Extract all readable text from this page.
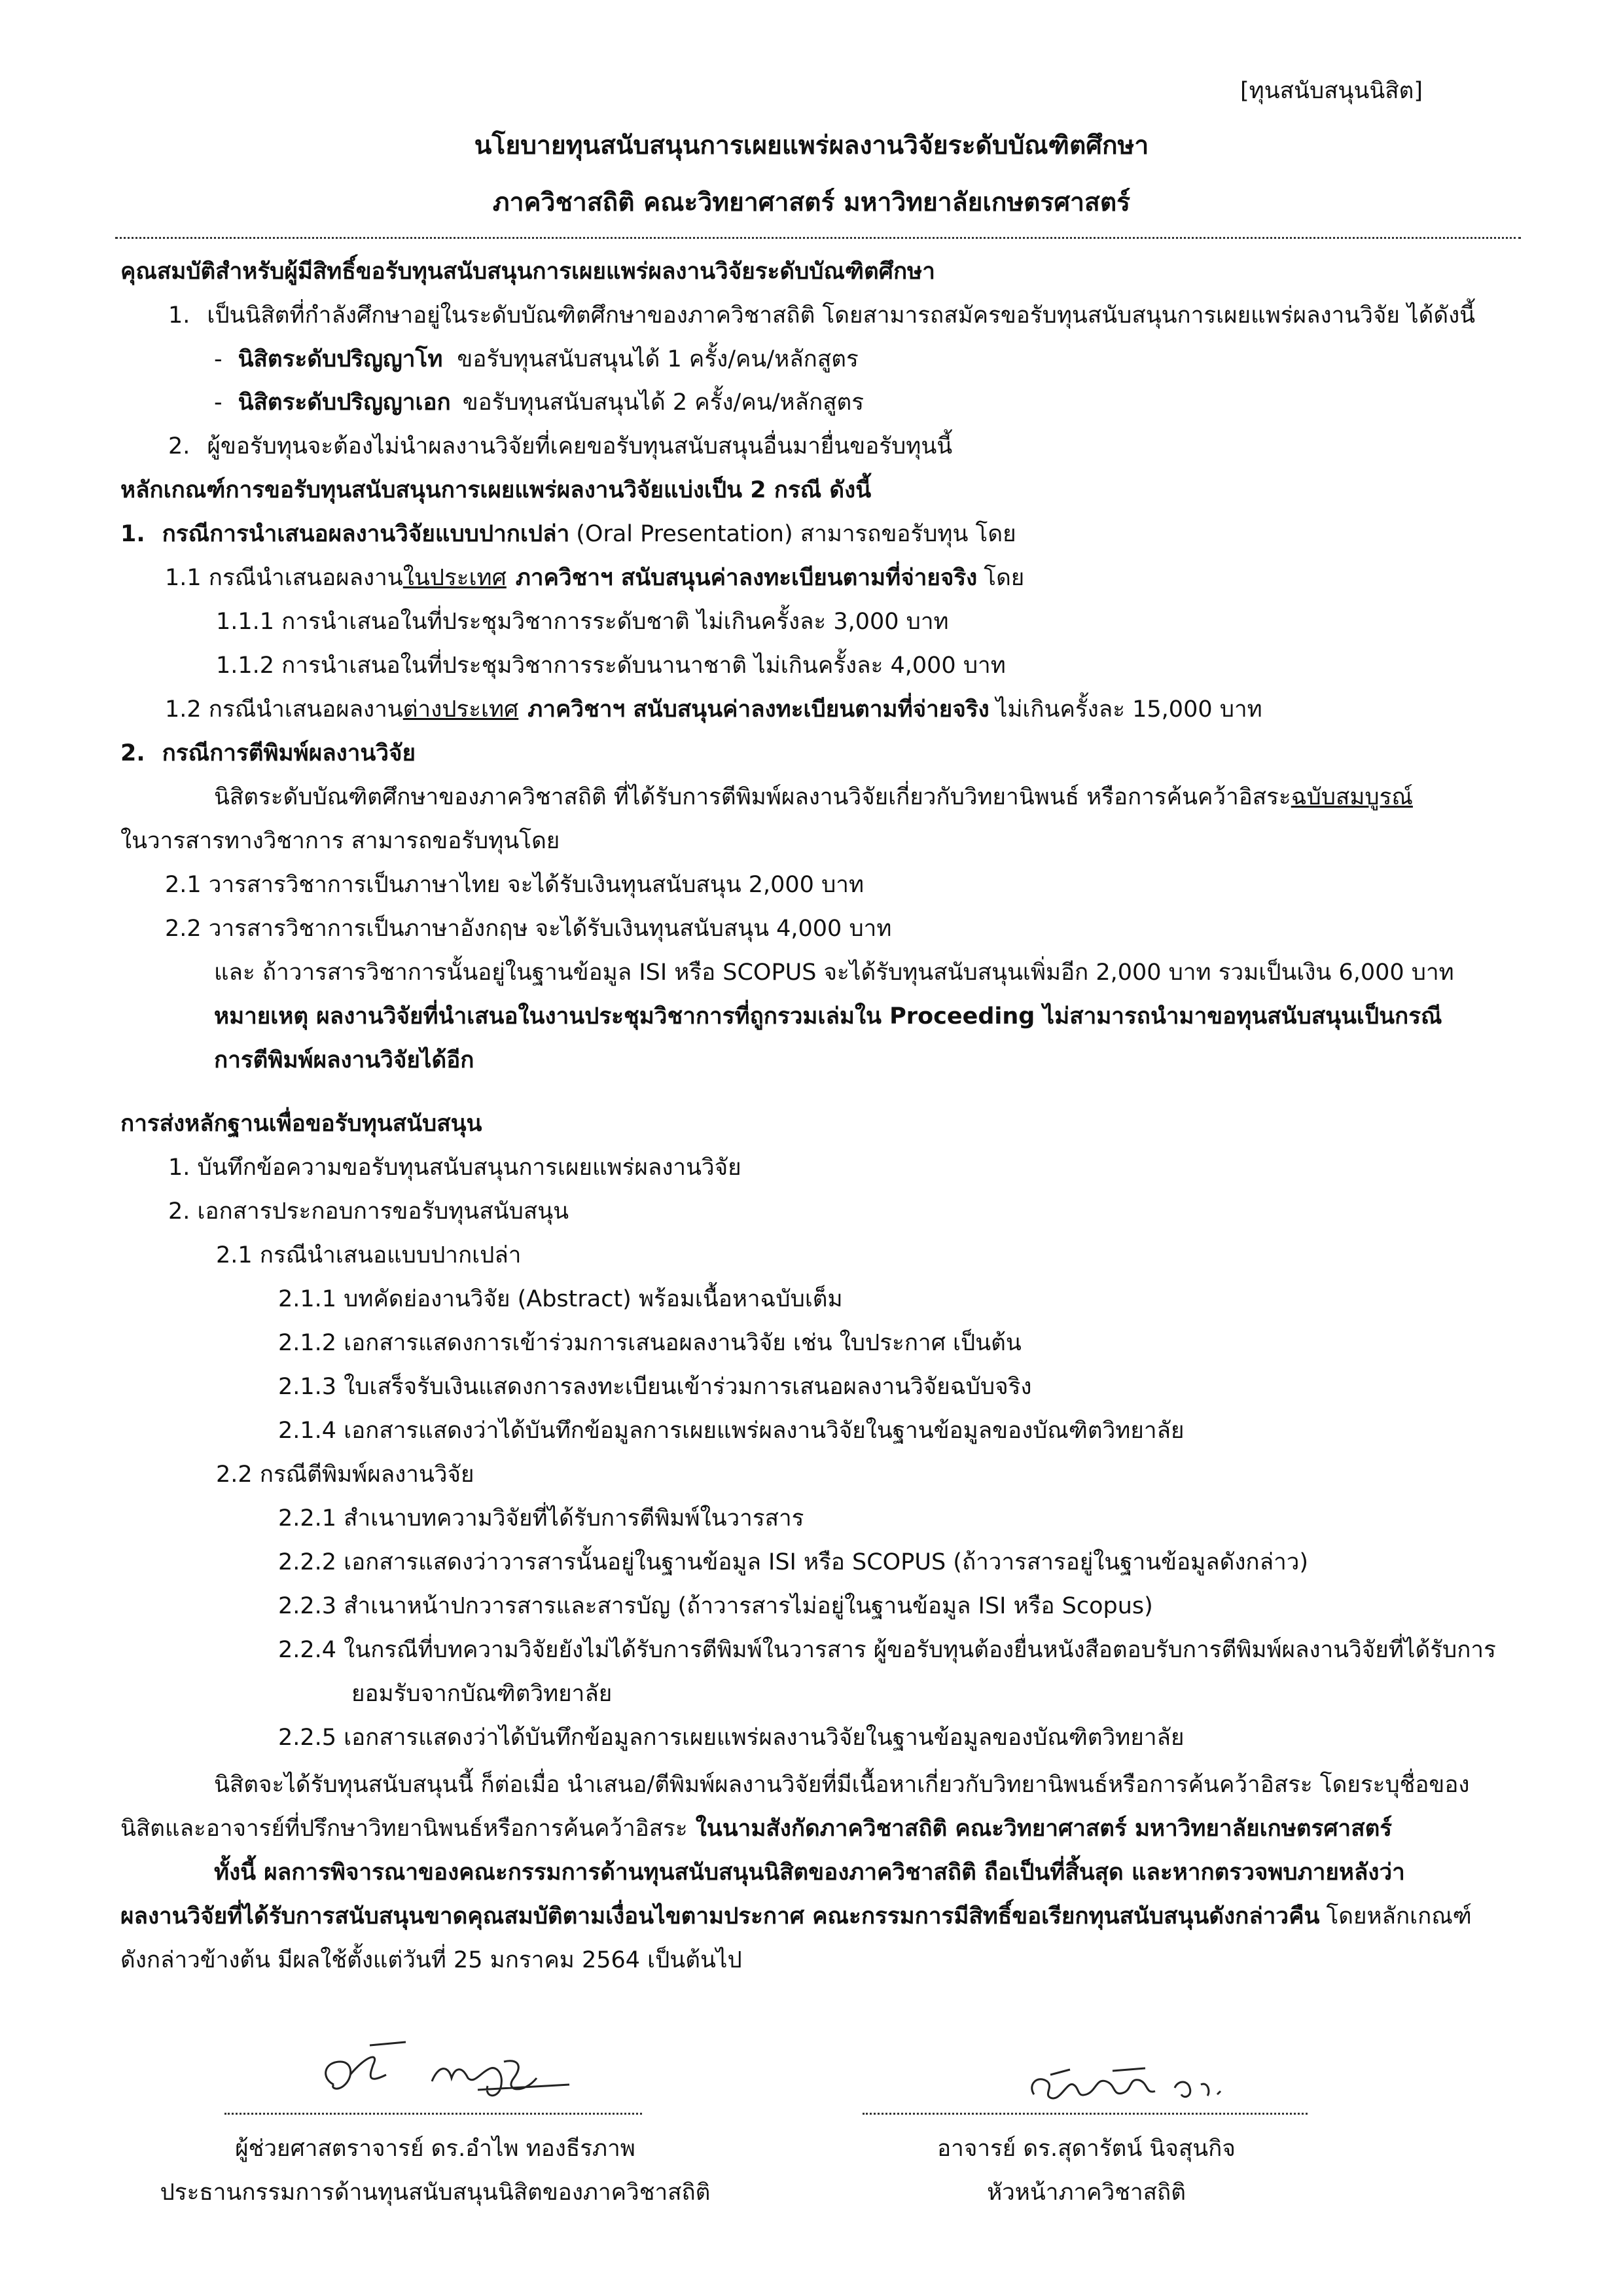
[ทุนสนับสนุนนิสิต]
นโยบายทุนสนับสนุนการเผยแพร่ผลงานวิจัยระดับบัณฑิตศึกษา
ภาควิชาสถิติ คณะวิทยาศาสตร์ มหาวิทยาลัยเกษตรศาสตร์
คุณสมบัติสำหรับผู้มีสิทธิ์ขอรับทุนสนับสนุนการเผยแพร่ผลงานวิจัยระดับบัณฑิตศึกษา
1. เป็นนิสิตที่กำลังศึกษาอยู่ในระดับบัณฑิตศึกษาของภาควิชาสถิติ โดยสามารถสมัครขอรับทุนสนับสนุนการเผยแพร่ผลงานวิจัย ได้ดังนี้
- นิสิตระดับปริญญาโท ขอรับทุนสนับสนุนได้ 1 ครั้ง/คน/หลักสูตร
- นิสิตระดับปริญญาเอก ขอรับทุนสนับสนุนได้ 2 ครั้ง/คน/หลักสูตร
2. ผู้ขอรับทุนจะต้องไม่นำผลงานวิจัยที่เคยขอรับทุนสนับสนุนอื่นมายื่นขอรับทุนนี้
หลักเกณฑ์การขอรับทุนสนับสนุนการเผยแพร่ผลงานวิจัยแบ่งเป็น 2 กรณี ดังนี้
1. กรณีการนำเสนอผลงานวิจัยแบบปากเปล่า (Oral Presentation) สามารถขอรับทุน โดย
1.1 กรณีนำเสนอผลงานในประเทศ ภาควิชาฯ สนับสนุนค่าลงทะเบียนตามที่จ่ายจริง โดย
1.1.1 การนำเสนอในที่ประชุมวิชาการระดับชาติ ไม่เกินครั้งละ 3,000 บาท
1.1.2 การนำเสนอในที่ประชุมวิชาการระดับนานาชาติ ไม่เกินครั้งละ 4,000 บาท
1.2 กรณีนำเสนอผลงานต่างประเทศ ภาควิชาฯ สนับสนุนค่าลงทะเบียนตามที่จ่ายจริง ไม่เกินครั้งละ 15,000 บาท
2. กรณีการตีพิมพ์ผลงานวิจัย
นิสิตระดับบัณฑิตศึกษาของภาควิชาสถิติ ที่ได้รับการตีพิมพ์ผลงานวิจัยเกี่ยวกับวิทยานิพนธ์ หรือการค้นคว้าอิสระฉบับสมบูรณ์
ในวารสารทางวิชาการ สามารถขอรับทุนโดย
2.1 วารสารวิชาการเป็นภาษาไทย จะได้รับเงินทุนสนับสนุน 2,000 บาท
2.2 วารสารวิชาการเป็นภาษาอังกฤษ จะได้รับเงินทุนสนับสนุน 4,000 บาท
และ ถ้าวารสารวิชาการนั้นอยู่ในฐานข้อมูล ISI หรือ SCOPUS จะได้รับทุนสนับสนุนเพิ่มอีก 2,000 บาท รวมเป็นเงิน 6,000 บาท
หมายเหตุ ผลงานวิจัยที่นำเสนอในงานประชุมวิชาการที่ถูกรวมเล่มใน Proceeding ไม่สามารถนำมาขอทุนสนับสนุนเป็นกรณี
การตีพิมพ์ผลงานวิจัยได้อีก
การส่งหลักฐานเพื่อขอรับทุนสนับสนุน
1. บันทึกข้อความขอรับทุนสนับสนุนการเผยแพร่ผลงานวิจัย
2. เอกสารประกอบการขอรับทุนสนับสนุน
2.1 กรณีนำเสนอแบบปากเปล่า
2.1.1 บทคัดย่องานวิจัย (Abstract) พร้อมเนื้อหาฉบับเต็ม
2.1.2 เอกสารแสดงการเข้าร่วมการเสนอผลงานวิจัย เช่น ใบประกาศ เป็นต้น
2.1.3 ใบเสร็จรับเงินแสดงการลงทะเบียนเข้าร่วมการเสนอผลงานวิจัยฉบับจริง
2.1.4 เอกสารแสดงว่าได้บันทึกข้อมูลการเผยแพร่ผลงานวิจัยในฐานข้อมูลของบัณฑิตวิทยาลัย
2.2 กรณีตีพิมพ์ผลงานวิจัย
2.2.1 สำเนาบทความวิจัยที่ได้รับการตีพิมพ์ในวารสาร
2.2.2 เอกสารแสดงว่าวารสารนั้นอยู่ในฐานข้อมูล ISI หรือ SCOPUS (ถ้าวารสารอยู่ในฐานข้อมูลดังกล่าว)
2.2.3 สำเนาหน้าปกวารสารและสารบัญ (ถ้าวารสารไม่อยู่ในฐานข้อมูล ISI หรือ Scopus)
2.2.4 ในกรณีที่บทความวิจัยยังไม่ได้รับการตีพิมพ์ในวารสาร ผู้ขอรับทุนต้องยื่นหนังสือตอบรับการตีพิมพ์ผลงานวิจัยที่ได้รับการ
ยอมรับจากบัณฑิตวิทยาลัย
2.2.5 เอกสารแสดงว่าได้บันทึกข้อมูลการเผยแพร่ผลงานวิจัยในฐานข้อมูลของบัณฑิตวิทยาลัย
นิสิตจะได้รับทุนสนับสนุนนี้ ก็ต่อเมื่อ นำเสนอ/ตีพิมพ์ผลงานวิจัยที่มีเนื้อหาเกี่ยวกับวิทยานิพนธ์หรือการค้นคว้าอิสระ โดยระบุชื่อของ
นิสิตและอาจารย์ที่ปรึกษาวิทยานิพนธ์หรือการค้นคว้าอิสระ ในนามสังกัดภาควิชาสถิติ คณะวิทยาศาสตร์ มหาวิทยาลัยเกษตรศาสตร์
ทั้งนี้ ผลการพิจารณาของคณะกรรมการด้านทุนสนับสนุนนิสิตของภาควิชาสถิติ ถือเป็นที่สิ้นสุด และหากตรวจพบภายหลังว่า
ผลงานวิจัยที่ได้รับการสนับสนุนขาดคุณสมบัติตามเงื่อนไขตามประกาศ คณะกรรมการมีสิทธิ์ขอเรียกทุนสนับสนุนดังกล่าวคืน โดยหลักเกณฑ์
ดังกล่าวข้างต้น มีผลใช้ตั้งแต่วันที่ 25 มกราคม 2564 เป็นต้นไป
ผู้ช่วยศาสตราจารย์ ดร.อำไพ ทองธีรภาพ
ประธานกรรมการด้านทุนสนับสนุนนิสิตของภาควิชาสถิติ
อาจารย์ ดร.สุดารัตน์ นิจสุนกิจ
หัวหน้าภาควิชาสถิติ
